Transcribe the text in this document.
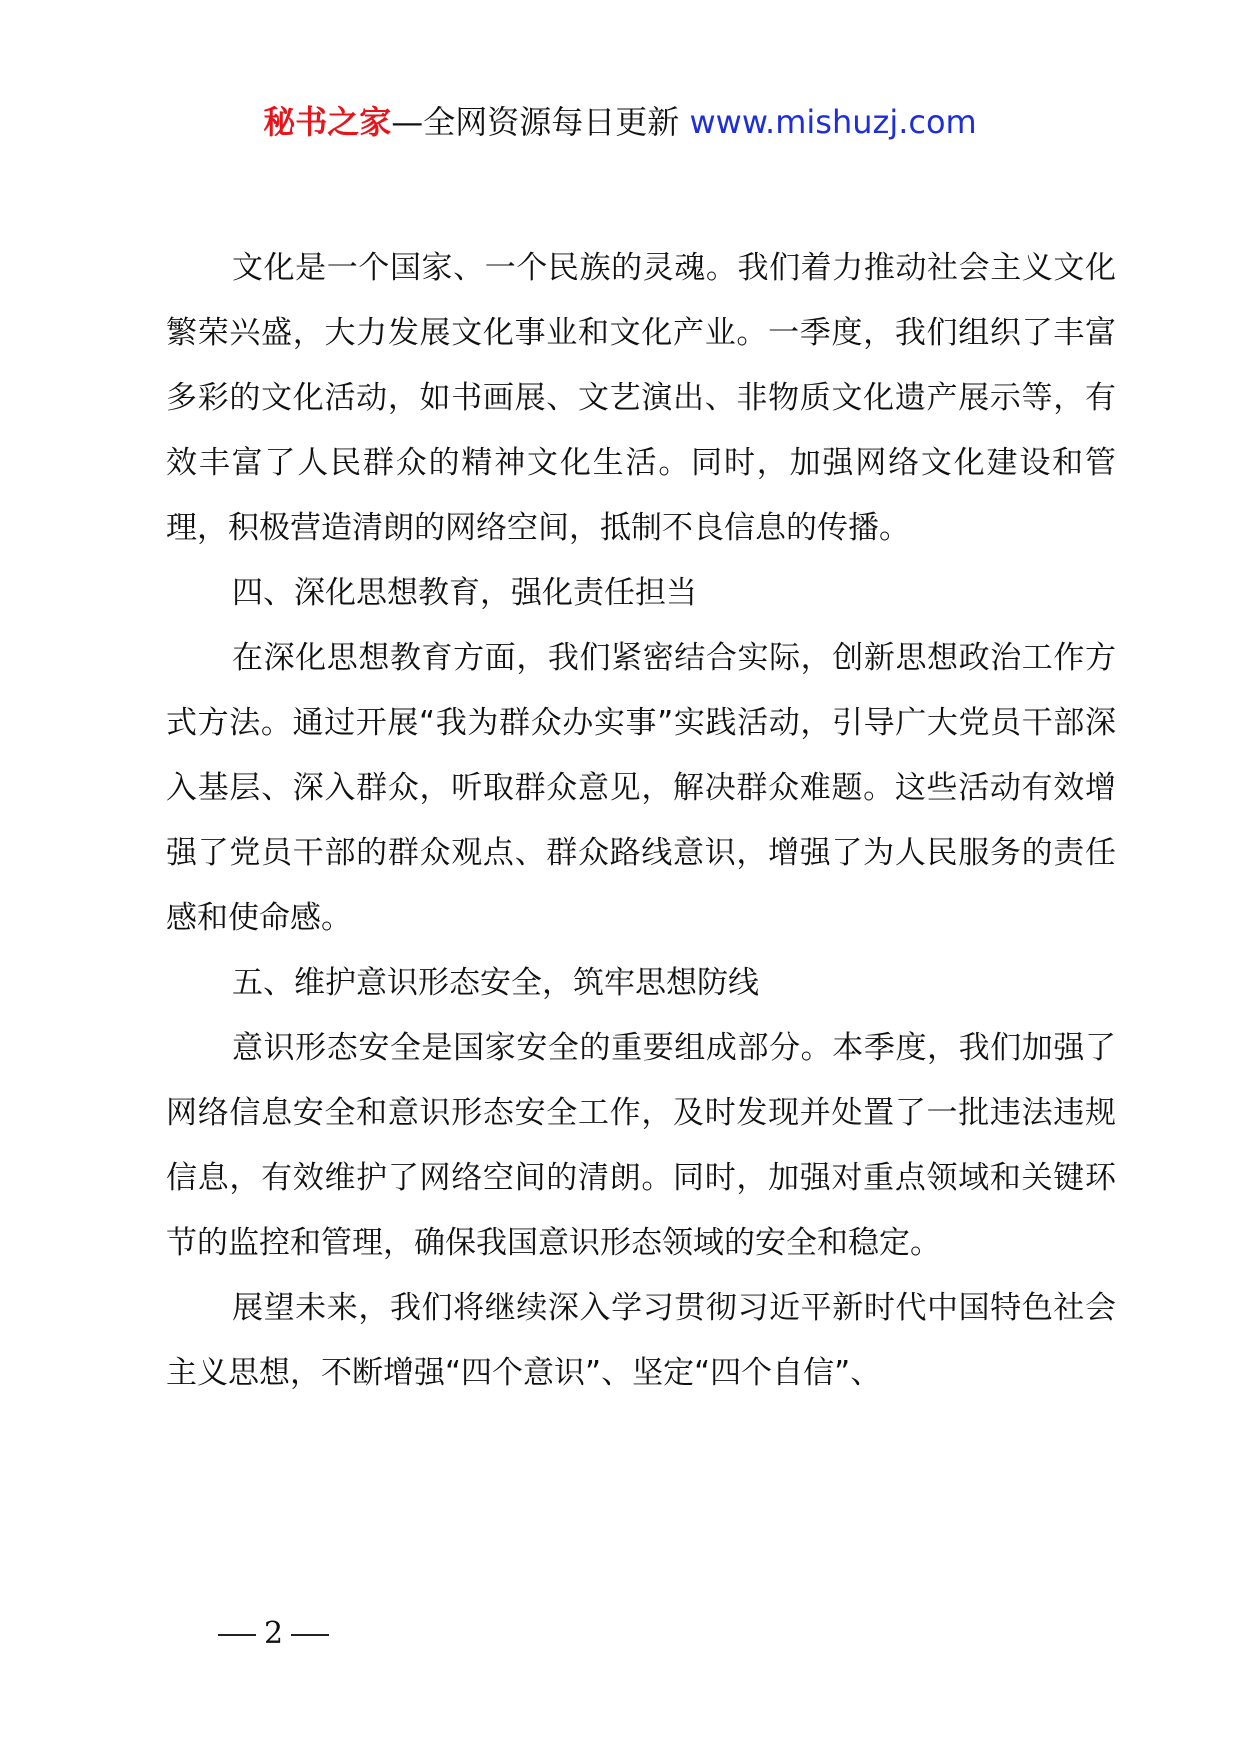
秘书之家—全网资源每日更新 www.mishuzj.com

文化是一个国家、一个民族的灵魂。我们着力推动社会主义文化繁荣兴盛，大力发展文化事业和文化产业。一季度，我们组织了丰富多彩的文化活动，如书画展、文艺演出、非物质文化遗产展示等，有效丰富了人民群众的精神文化生活。同时，加强网络文化建设和管理，积极营造清朗的网络空间，抵制不良信息的传播。

四、深化思想教育，强化责任担当

在深化思想教育方面，我们紧密结合实际，创新思想政治工作方式方法。通过开展“我为群众办实事”实践活动，引导广大党员干部深入基层、深入群众，听取群众意见，解决群众难题。这些活动有效增强了党员干部的群众观点、群众路线意识，增强了为人民服务的责任感和使命感。

五、维护意识形态安全，筑牢思想防线

意识形态安全是国家安全的重要组成部分。本季度，我们加强了网络信息安全和意识形态安全工作，及时发现并处置了一批违法违规信息，有效维护了网络空间的清朗。同时，加强对重点领域和关键环节的监控和管理，确保我国意识形态领域的安全和稳定。

展望未来，我们将继续深入学习贯彻习近平新时代中国特色社会主义思想，不断增强“四个意识”、坚定“四个自信”、

2
